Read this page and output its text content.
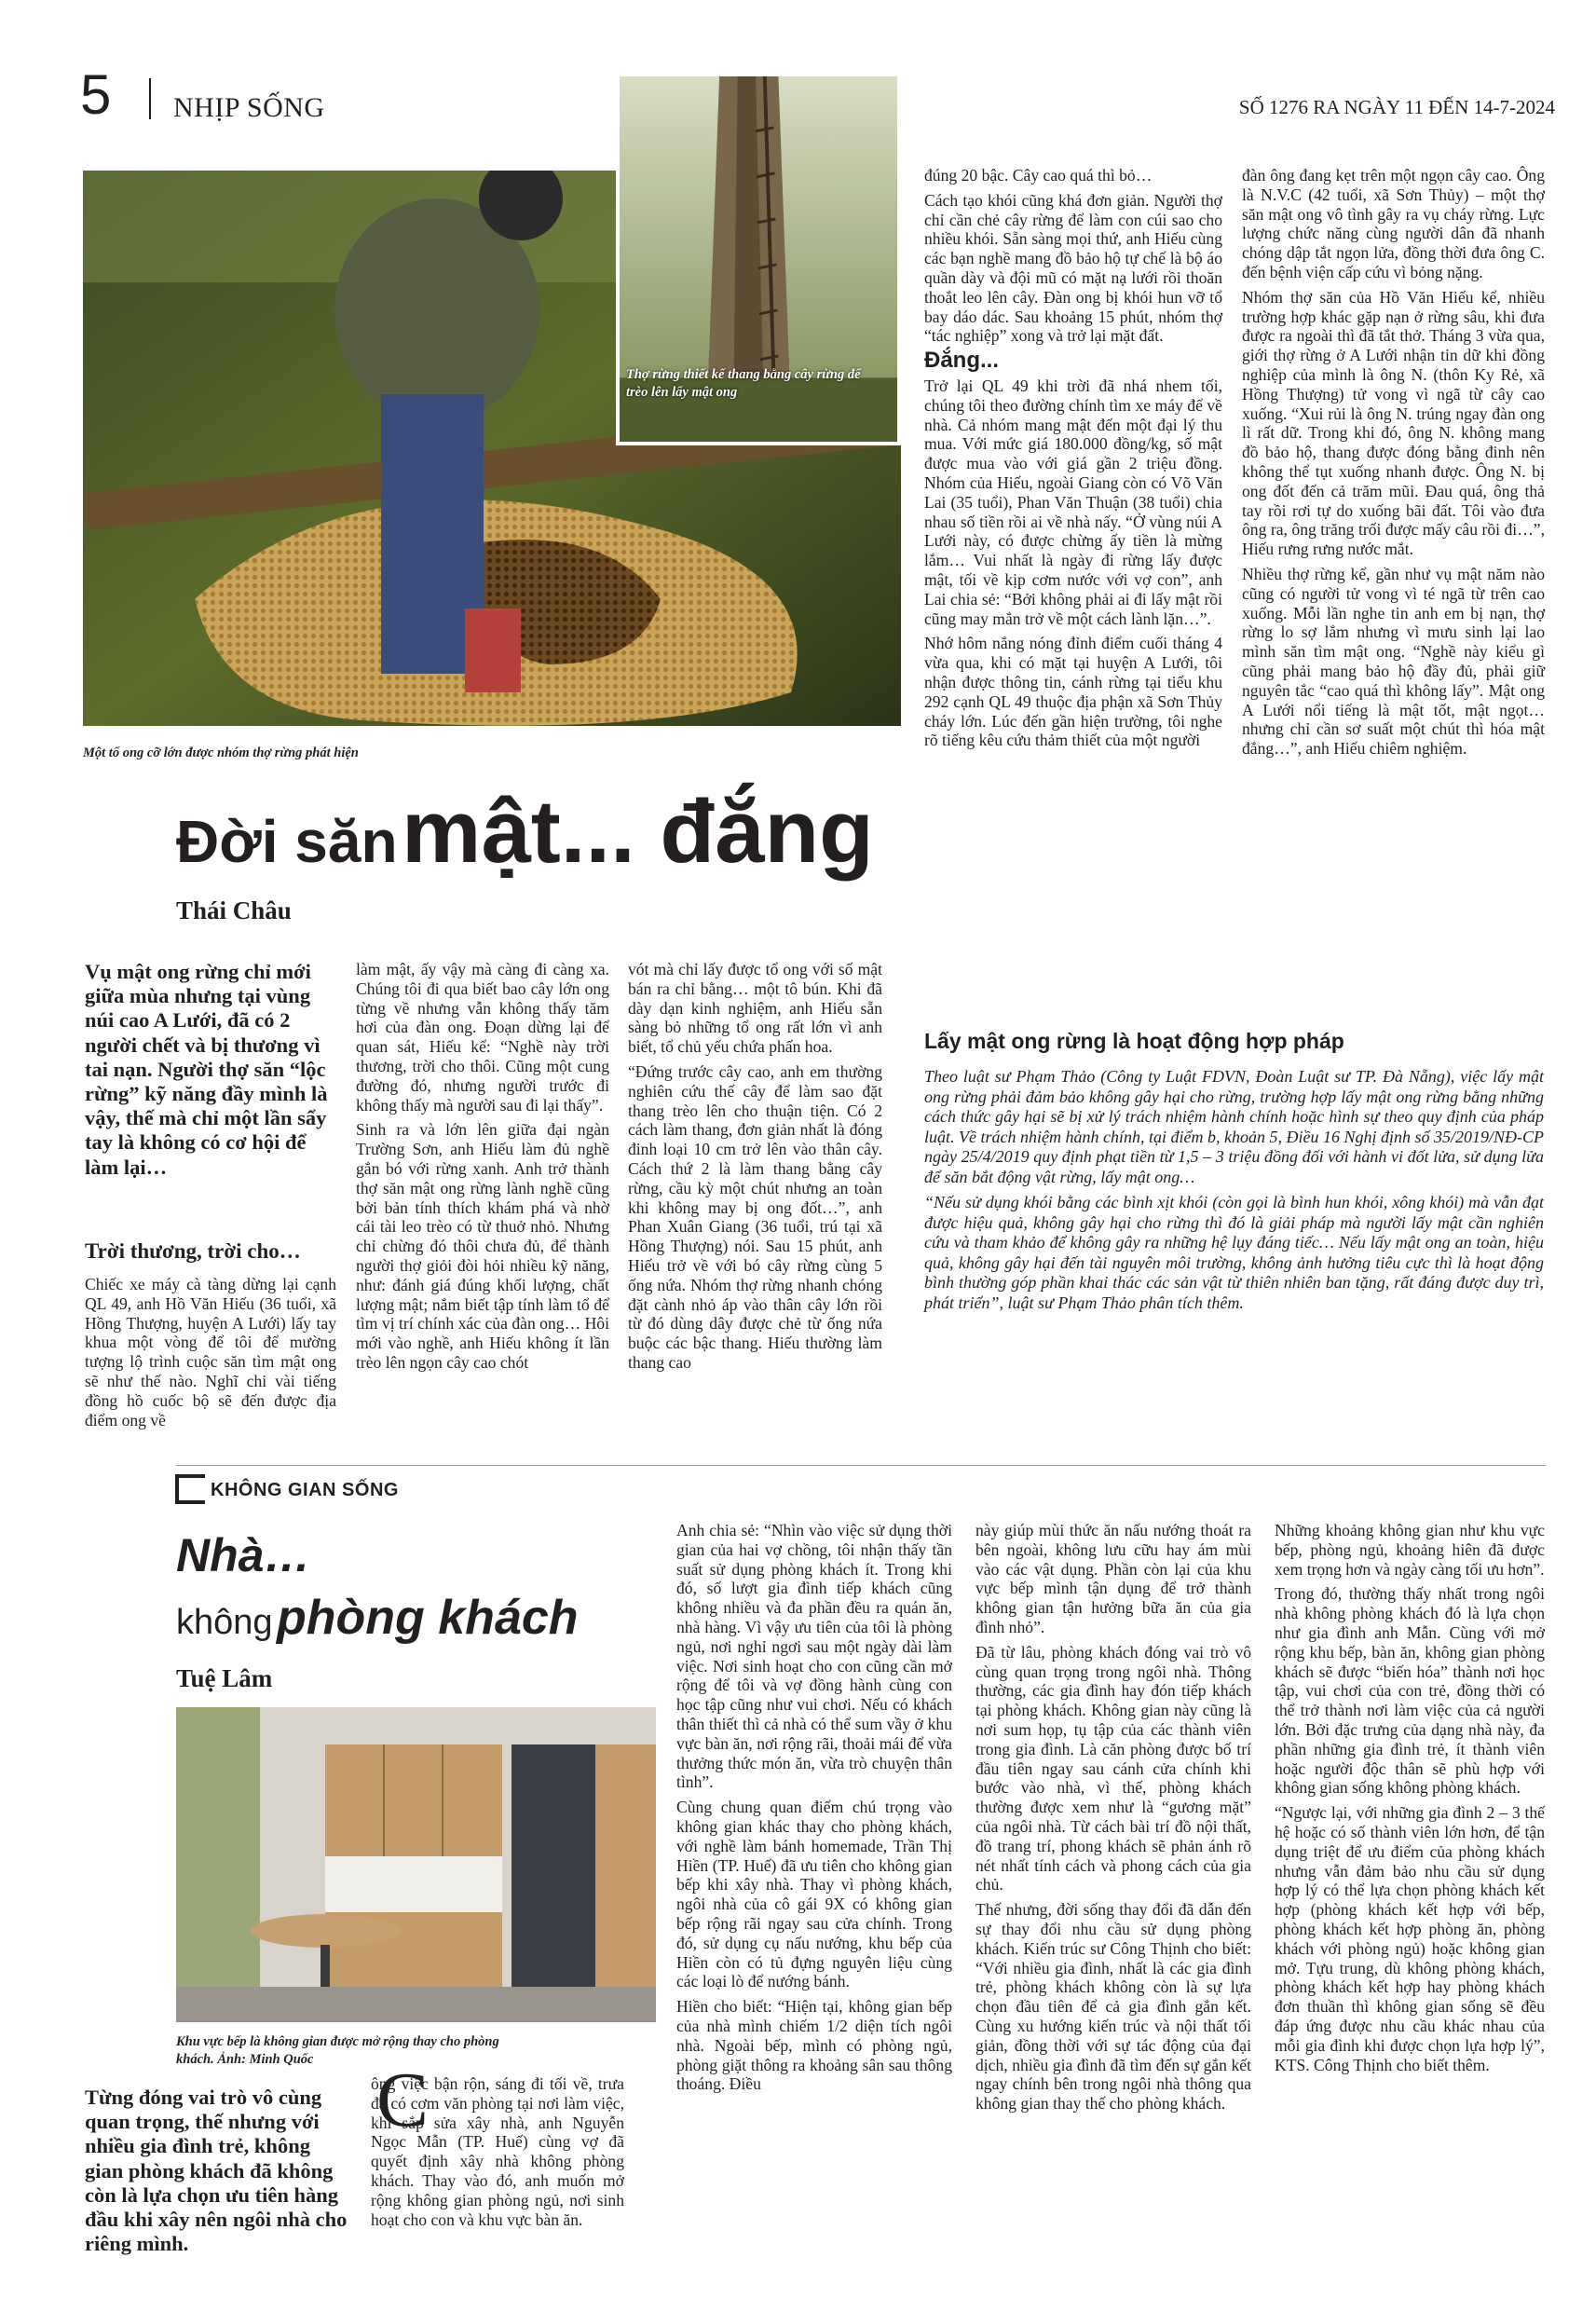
5 NHỊP SỐNG	SỐ 1276 RA NGÀY 11 ĐẾN 14-7-2024
Thợ rừng thiết kế thang bằng cây rừng để trèo lên lấy mật ong
Một tổ ong cỡ lớn được nhóm thợ rừng phát hiện
Đời săn mật... đắng
Thái Châu
Vụ mật ong rừng chỉ mới giữa mùa nhưng tại vùng núi cao A Lưới, đã có 2 người chết và bị thương vì tai nạn. Người thợ săn “lộc rừng” kỹ năng đầy mình là vậy, thế mà chỉ một lần sẩy tay là không có cơ hội để làm lại…
Trời thương, trời cho…

Chiếc xe máy cà tàng dừng lại cạnh QL 49, anh Hồ Văn Hiếu (36 tuổi, xã Hồng Thượng, huyện A Lưới) lấy tay khua một vòng để tôi để mường tượng lộ trình cuộc săn tìm mật ong sẽ như thế nào. Nghĩ chi vài tiếng đồng hồ cuốc bộ sẽ đến được địa điểm ong về

làm mật, ấy vậy mà càng đi càng xa. Chúng tôi đi qua biết bao cây lớn ong từng về nhưng vẫn không thấy tăm hơi của đàn ong. Đoạn dừng lại để quan sát, Hiếu kể: “Nghề này trời thương, trời cho thôi. Cũng một cung đường đó, nhưng người trước đi không thấy mà người sau đi lại thấy”.

Sinh ra và lớn lên giữa đại ngàn Trường Sơn, anh Hiếu làm đủ nghề gắn bó với rừng xanh. Anh trở thành thợ săn mật ong rừng lành nghề cũng bởi bản tính thích khám phá và nhờ cái tài leo trèo có từ thuở nhỏ. Nhưng chỉ chừng đó thôi chưa đủ, để thành người thợ giỏi đòi hỏi nhiều kỹ năng, như: đánh giá đúng khối lượng, chất lượng mật; nắm biết tập tính làm tổ để tìm vị trí chính xác của đàn ong… Hôi mới vào nghề, anh Hiếu không ít lần trèo lên ngọn cây cao chót

vót mà chỉ lấy được tổ ong với số mật bán ra chỉ bằng… một tô bún. Khi đã dày dạn kinh nghiệm, anh Hiếu sẵn sàng bỏ những tổ ong rất lớn vì anh biết, tổ chủ yếu chứa phấn hoa.

“Đứng trước cây cao, anh em thường nghiên cứu thế cây để làm sao đặt thang trèo lên cho thuận tiện. Có 2 cách làm thang, đơn giản nhất là đóng đinh loại 10 cm trở lên vào thân cây. Cách thứ 2 là làm thang bằng cây rừng, cầu kỳ một chút nhưng an toàn khi không may bị ong đốt…”, anh Phan Xuân Giang (36 tuổi, trú tại xã Hồng Thượng) nói. Sau 15 phút, anh Hiếu trở về với bó cây rừng cùng 5 ống nứa. Nhóm thợ rừng nhanh chóng đặt cành nhỏ áp vào thân cây lớn rồi từ đó dùng dây được chẻ từ ống nứa buộc các bậc thang. Hiếu thường làm thang cao

đúng 20 bậc. Cây cao quá thì bỏ…

Cách tạo khói cũng khá đơn giản. Người thợ chỉ cần chẻ cây rừng để làm con cúi sao cho nhiều khói. Sẵn sàng mọi thứ, anh Hiếu cùng các bạn nghề mang đồ bảo hộ tự chế là bộ áo quần dày và đội mũ có mặt nạ lưới rồi thoăn thoắt leo lên cây. Đàn ong bị khói hun vỡ tổ bay dáo dác. Sau khoảng 15 phút, nhóm thợ “tác nghiệp” xong và trở lại mặt đất.

Đắng...

Trở lại QL 49 khi trời đã nhá nhem tối, chúng tôi theo đường chính tìm xe máy để về nhà. Cả nhóm mang mật đến một đại lý thu mua. Với mức giá 180.000 đồng/kg, số mật được mua vào với giá gần 2 triệu đồng. Nhóm của Hiếu, ngoài Giang còn có Võ Văn Lai (35 tuổi), Phan Văn Thuận (38 tuổi) chia nhau số tiền rồi ai về nhà nấy. “Ở vùng núi A Lưới này, có được chừng ấy tiền là mừng lắm… Vui nhất là ngày đi rừng lấy được mật, tối về kịp cơm nước với vợ con”, anh Lai chia sẻ: “Bởi không phải ai đi lấy mật rồi cũng may mắn trở về một cách lành lặn…”.

Nhớ hôm nắng nóng đỉnh điểm cuối tháng 4 vừa qua, khi có mặt tại huyện A Lưới, tôi nhận được thông tin, cánh rừng tại tiểu khu 292 cạnh QL 49 thuộc địa phận xã Sơn Thủy cháy lớn. Lúc đến gần hiện trường, tôi nghe rõ tiếng kêu cứu thảm thiết của một người

đàn ông đang kẹt trên một ngọn cây cao. Ông là N.V.C (42 tuổi, xã Sơn Thủy) – một thợ săn mật ong vô tình gây ra vụ cháy rừng. Lực lượng chức năng cùng người dân đã nhanh chóng dập tắt ngọn lửa, đồng thời đưa ông C. đến bệnh viện cấp cứu vì bỏng nặng.

Nhóm thợ săn của Hồ Văn Hiếu kể, nhiều trường hợp khác gặp nạn ở rừng sâu, khi đưa được ra ngoài thì đã tắt thở. Tháng 3 vừa qua, giới thợ rừng ở A Lưới nhận tin dữ khi đồng nghiệp của mình là ông N. (thôn Ky Rẻ, xã Hồng Thượng) tử vong vì ngã từ cây cao xuống. “Xui rủi là ông N. trúng ngay đàn ong lì rất dữ. Trong khi đó, ông N. không mang đồ bảo hộ, thang được đóng bằng đinh nên không thể tụt xuống nhanh được. Ông N. bị ong đốt đến cả trăm mũi. Đau quá, ông thả tay rồi rơi tự do xuống bãi đất. Tôi vào đưa ông ra, ông trăng trối được mấy câu rồi đi…”, Hiếu rưng rưng nước mắt.

Nhiều thợ rừng kể, gần như vụ mật năm nào cũng có người tử vong vì té ngã từ trên cao xuống. Mỗi lần nghe tin anh em bị nạn, thợ rừng lo sợ lắm nhưng vì mưu sinh lại lao mình săn tìm mật ong. “Nghề này kiểu gì cũng phải mang bảo hộ đầy đủ, phải giữ nguyên tắc “cao quá thì không lấy”. Mật ong A Lưới nổi tiếng là mật tốt, mật ngọt… nhưng chỉ cần sơ suất một chút thì hóa mật đắng…”, anh Hiếu chiêm nghiệm.

Lấy mật ong rừng là hoạt động hợp pháp

Theo luật sư Phạm Thảo (Công ty Luật FDVN, Đoàn Luật sư TP. Đà Nẵng), việc lấy mật ong rừng phải đảm bảo không gây hại cho rừng, trường hợp lấy mật ong rừng bằng những cách thức gây hại sẽ bị xử lý trách nhiệm hành chính hoặc hình sự theo quy định của pháp luật. Về trách nhiệm hành chính, tại điểm b, khoản 5, Điều 16 Nghị định số 35/2019/NĐ-CP ngày 25/4/2019 quy định phạt tiền từ 1,5 – 3 triệu đồng đối với hành vi đốt lửa, sử dụng lửa để săn bắt động vật rừng, lấy mật ong…

“Nếu sử dụng khói bằng các bình xịt khói (còn gọi là bình hun khói, xông khói) mà vẫn đạt được hiệu quả, không gây hại cho rừng thì đó là giải pháp mà người lấy mật cần nghiên cứu và tham khảo để không gây ra những hệ lụy đáng tiếc… Nếu lấy mật ong an toàn, hiệu quả, không gây hại đến tài nguyên môi trường, không ảnh hưởng tiêu cực thì là hoạt động bình thường góp phần khai thác các sản vật từ thiên nhiên ban tặng, rất đáng được duy trì, phát triển”, luật sư Phạm Thảo phân tích thêm.

KHÔNG GIAN SỐNG
Nhà…
không phòng khách
Tuệ Lâm
Khu vực bếp là không gian được mở rộng thay cho phòng khách. Ảnh: Minh Quốc
Từng đóng vai trò vô cùng quan trọng, thế nhưng với nhiều gia đình trẻ, không gian phòng khách đã không còn là lựa chọn ưu tiên hàng đầu khi xây nên ngôi nhà cho riêng mình.
C

ông việc bận rộn, sáng đi tối về, trưa đã có cơm văn phòng tại nơi làm việc, khi sắp sửa xây nhà, anh Nguyễn Ngọc Mẫn (TP. Huế) cùng vợ đã quyết định xây nhà không phòng khách. Thay vào đó, anh muốn mở rộng không gian phòng ngủ, nơi sinh hoạt cho con và khu vực bàn ăn.

Anh chia sẻ: “Nhìn vào việc sử dụng thời gian của hai vợ chồng, tôi nhận thấy tần suất sử dụng phòng khách ít. Trong khi đó, số lượt gia đình tiếp khách cũng không nhiều và đa phần đều ra quán ăn, nhà hàng. Vì vậy ưu tiên của tôi là phòng ngủ, nơi nghỉ ngơi sau một ngày dài làm việc. Nơi sinh hoạt cho con cũng cần mở rộng để tôi và vợ đồng hành cùng con học tập cũng như vui chơi. Nếu có khách thân thiết thì cả nhà có thể sum vầy ở khu vực bàn ăn, nơi rộng rãi, thoải mái để vừa thưởng thức món ăn, vừa trò chuyện thân tình”.

Cùng chung quan điểm chú trọng vào không gian khác thay cho phòng khách, với nghề làm bánh homemade, Trần Thị Hiền (TP. Huế) đã ưu tiên cho không gian bếp khi xây nhà. Thay vì phòng khách, ngôi nhà của cô gái 9X có không gian bếp rộng rãi ngay sau cửa chính. Trong đó, sử dụng cụ nấu nướng, khu bếp của Hiền còn có tủ đựng nguyên liệu cùng các loại lò để nướng bánh.

Hiền cho biết: “Hiện tại, không gian bếp của nhà mình chiếm 1/2 diện tích ngôi nhà. Ngoài bếp, mình có phòng ngủ, phòng giặt thông ra khoảng sân sau thông thoáng. Điều

này giúp mùi thức ăn nấu nướng thoát ra bên ngoài, không lưu cữu hay ám mùi vào các vật dụng. Phần còn lại của khu vực bếp mình tận dụng để trở thành không gian tận hưởng bữa ăn của gia đình nhỏ”.

Đã từ lâu, phòng khách đóng vai trò vô cùng quan trọng trong ngôi nhà. Thông thường, các gia đình hay đón tiếp khách tại phòng khách. Không gian này cũng là nơi sum họp, tụ tập của các thành viên trong gia đình. Là căn phòng được bố trí đầu tiên ngay sau cánh cửa chính khi bước vào nhà, vì thế, phòng khách thường được xem như là “gương mặt” của ngôi nhà. Từ cách bài trí đồ nội thất, đồ trang trí, phong khách sẽ phản ánh rõ nét nhất tính cách và phong cách của gia chủ.

Thế nhưng, đời sống thay đổi đã dẫn đến sự thay đổi nhu cầu sử dụng phòng khách. Kiến trúc sư Công Thịnh cho biết: “Với nhiều gia đình, nhất là các gia đình trẻ, phòng khách không còn là sự lựa chọn đầu tiên để cả gia đình gắn kết. Cùng xu hướng kiến trúc và nội thất tối giản, đồng thời với sự tác động của đại dịch, nhiều gia đình đã tìm đến sự gắn kết ngay chính bên trong ngôi nhà thông qua không gian thay thế cho phòng khách.

Những khoảng không gian như khu vực bếp, phòng ngủ, khoảng hiên đã được xem trọng hơn và ngày càng tối ưu hơn”.

Trong đó, thường thấy nhất trong ngôi nhà không phòng khách đó là lựa chọn như gia đình anh Mẫn. Cùng với mở rộng khu bếp, bàn ăn, không gian phòng khách sẽ được “biến hóa” thành nơi học tập, vui chơi của con trẻ, đồng thời có thể trở thành nơi làm việc của cả người lớn. Bởi đặc trưng của dạng nhà này, đa phần những gia đình trẻ, ít thành viên hoặc người độc thân sẽ phù hợp với không gian sống không phòng khách.

“Ngược lại, với những gia đình 2 – 3 thế hệ hoặc có số thành viên lớn hơn, để tận dụng triệt để ưu điểm của phòng khách nhưng vẫn đảm bảo nhu cầu sử dụng hợp lý có thể lựa chọn phòng khách kết hợp (phòng khách kết hợp với bếp, phòng khách kết hợp phòng ăn, phòng khách với phòng ngủ) hoặc không gian mở. Tựu trung, dù không phòng khách, phòng khách kết hợp hay phòng khách đơn thuần thì không gian sống sẽ đều đáp ứng được nhu cầu khác nhau của mỗi gia đình khi được chọn lựa hợp lý”, KTS. Công Thịnh cho biết thêm.
